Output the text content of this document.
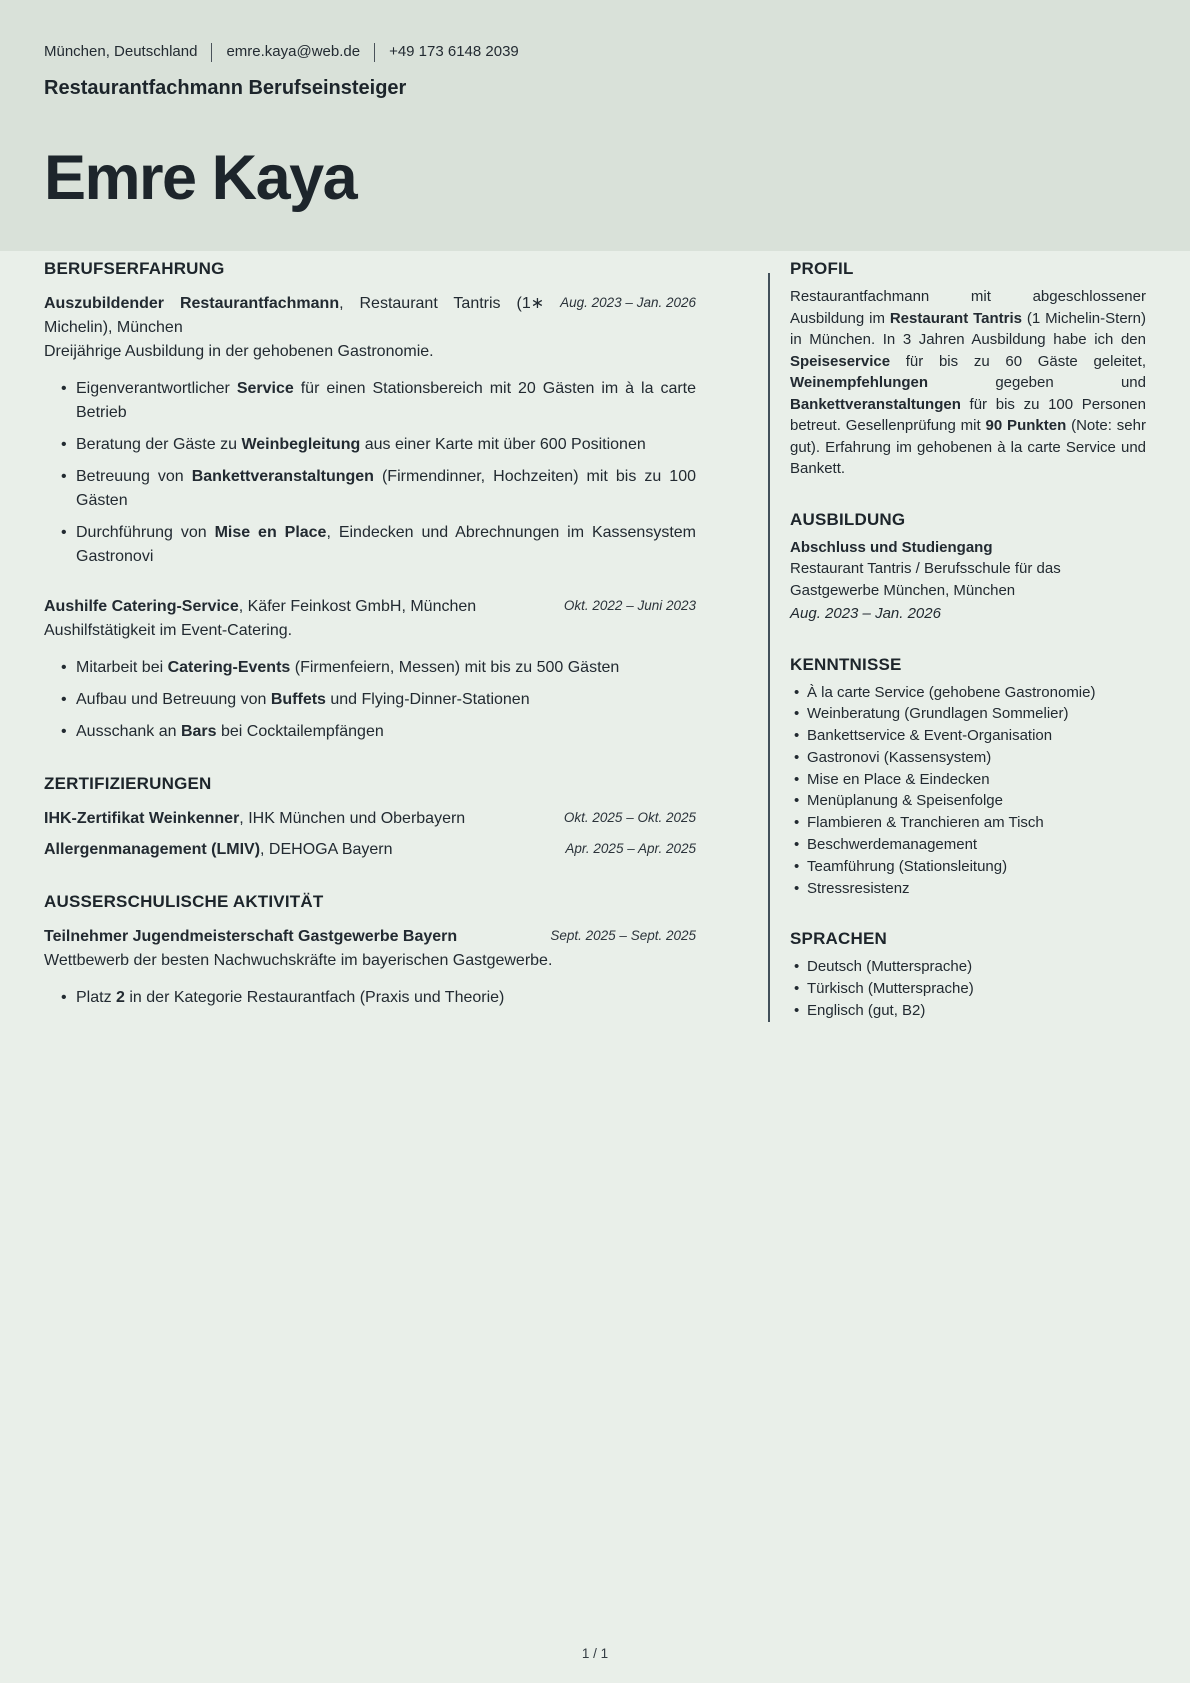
München, Deutschland emre.kaya@web.de +49 173 6148 2039
Restaurantfachmann Berufseinsteiger
Emre Kaya
BERUFSERFAHRUNG
Aug. 2023 – Jan. 2026
Auszubildender Restaurantfachmann, Restaurant Tantris (1∗ Michelin), München
Dreijährige Ausbildung in der gehobenen Gastronomie.
• Eigenverantwortlicher Service für einen Stationsbereich mit 20 Gästen im à la carte Betrieb
• Beratung der Gäste zu Weinbegleitung aus einer Karte mit über 600 Positionen
• Betreuung von Bankettveranstaltungen (Firmendinner, Hochzeiten) mit bis zu 100 Gästen
• Durchführung von Mise en Place, Eindecken und Abrechnungen im Kassensystem Gastronovi
Okt. 2022 – Juni 2023
Aushilfe Catering-Service, Käfer Feinkost GmbH, München
Aushilfstätigkeit im Event-Catering.
• Mitarbeit bei Catering-Events (Firmenfeiern, Messen) mit bis zu 500 Gästen
• Aufbau und Betreuung von Buffets und Flying-Dinner-Stationen
• Ausschank an Bars bei Cocktailempfängen
ZERTIFIZIERUNGEN
Okt. 2025 – Okt. 2025
IHK-Zertifikat Weinkenner, IHK München und Oberbayern
Apr. 2025 – Apr. 2025
Allergenmanagement (LMIV), DEHOGA Bayern
AUSSERSCHULISCHE AKTIVITÄT
Sept. 2025 – Sept. 2025
Teilnehmer Jugendmeisterschaft Gastgewerbe Bayern
Wettbewerb der besten Nachwuchskräfte im bayerischen Gastgewerbe.
• Platz 2 in der Kategorie Restaurantfach (Praxis und Theorie)
PROFIL
Restaurantfachmann mit abgeschlossener Ausbildung im Restaurant Tantris (1 Michelin-Stern) in München. In 3 Jahren Ausbildung habe ich den Speiseservice für bis zu 60 Gäste geleitet, Weinempfehlungen gegeben und Bankettveranstaltungen für bis zu 100 Personen betreut. Gesellenprüfung mit 90 Punkten (Note: sehr gut). Erfahrung im gehobenen à la carte Service und Bankett.
AUSBILDUNG
Abschluss und Studiengang
Restaurant Tantris / Berufsschule für das Gastgewerbe München, München
Aug. 2023 – Jan. 2026
KENNTNISSE
• À la carte Service (gehobene Gastronomie)
• Weinberatung (Grundlagen Sommelier)
• Bankettservice & Event-Organisation
• Gastronovi (Kassensystem)
• Mise en Place & Eindecken
• Menüplanung & Speisenfolge
• Flambieren & Tranchieren am Tisch
• Beschwerdemanagement
• Teamführung (Stationsleitung)
• Stressresistenz
SPRACHEN
• Deutsch (Muttersprache)
• Türkisch (Muttersprache)
• Englisch (gut, B2)
1 / 1
